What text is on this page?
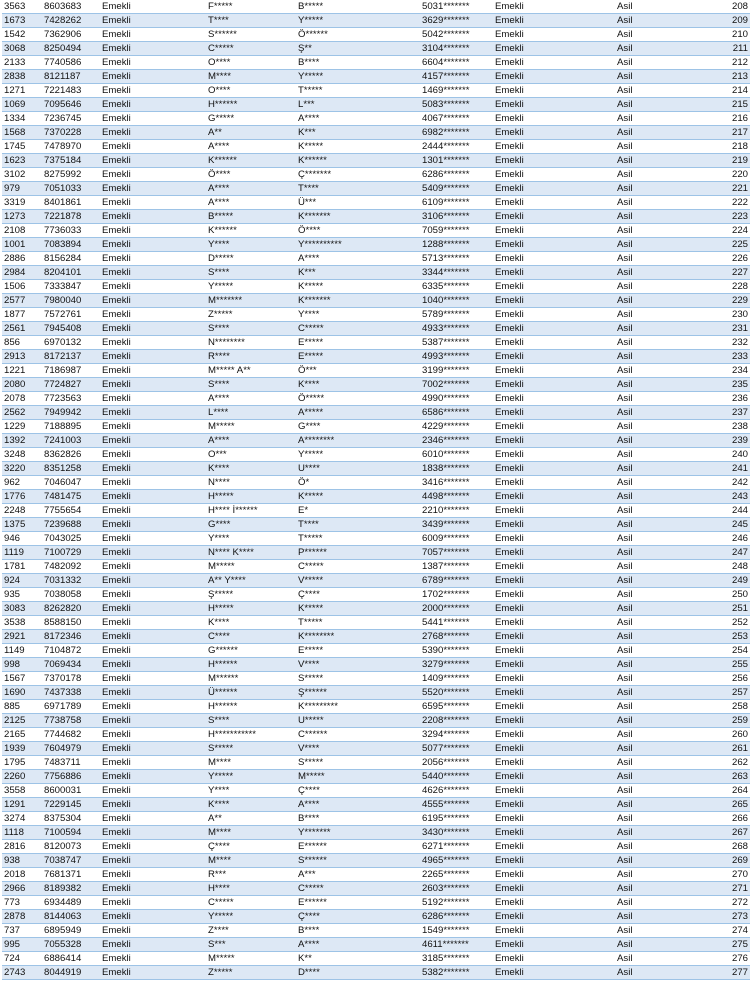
3563	8603683	Emekli	F*****	B*****	5031*******	Emekli	Asil	208
1673	7428262	Emekli	T****	Y*****	3629*******	Emekli	Asil	209
1542	7362906	Emekli	S******	Ö******	5042*******	Emekli	Asil	210
3068	8250494	Emekli	C*****	Ş**	3104*******	Emekli	Asil	211
2133	7740586	Emekli	O****	B****	6604*******	Emekli	Asil	212
2838	8121187	Emekli	M****	Y*****	4157*******	Emekli	Asil	213
1271	7221483	Emekli	O****	T*****	1469*******	Emekli	Asil	214
1069	7095646	Emekli	H******	L***	5083*******	Emekli	Asil	215
1334	7236745	Emekli	G*****	A****	4067*******	Emekli	Asil	216
1568	7370228	Emekli	A**	K***	6982*******	Emekli	Asil	217
1745	7478970	Emekli	A****	K*****	2444*******	Emekli	Asil	218
1623	7375184	Emekli	K******	K******	1301*******	Emekli	Asil	219
3102	8275992	Emekli	Ö****	Ç*******	6286*******	Emekli	Asil	220
979	7051033	Emekli	A****	T****	5409*******	Emekli	Asil	221
3319	8401861	Emekli	A****	Ü***	6109*******	Emekli	Asil	222
1273	7221878	Emekli	B*****	K*******	3106*******	Emekli	Asil	223
2108	7736033	Emekli	K******	Ö****	7059*******	Emekli	Asil	224
1001	7083894	Emekli	Y****	Y**********	1288*******	Emekli	Asil	225
2886	8156284	Emekli	D*****	A****	5713*******	Emekli	Asil	226
2984	8204101	Emekli	S****	K***	3344*******	Emekli	Asil	227
1506	7333847	Emekli	Y*****	K*****	6335*******	Emekli	Asil	228
2577	7980040	Emekli	M*******	K*******	1040*******	Emekli	Asil	229
1877	7572761	Emekli	Z*****	Y****	5789*******	Emekli	Asil	230
2561	7945408	Emekli	S****	C*****	4933*******	Emekli	Asil	231
856	6970132	Emekli	N********	E*****	5387*******	Emekli	Asil	232
2913	8172137	Emekli	R****	E*****	4993*******	Emekli	Asil	233
1221	7186987	Emekli	M***** A**	Ö***	3199*******	Emekli	Asil	234
2080	7724827	Emekli	S****	K****	7002*******	Emekli	Asil	235
2078	7723563	Emekli	A****	Ö*****	4990*******	Emekli	Asil	236
2562	7949942	Emekli	L****	A*****	6586*******	Emekli	Asil	237
1229	7188895	Emekli	M*****	G****	4229*******	Emekli	Asil	238
1392	7241003	Emekli	A****	A********	2346*******	Emekli	Asil	239
3248	8362826	Emekli	O***	Y*****	6010*******	Emekli	Asil	240
3220	8351258	Emekli	K****	U****	1838*******	Emekli	Asil	241
962	7046047	Emekli	N****	Ö*	3416*******	Emekli	Asil	242
1776	7481475	Emekli	H*****	K*****	4498*******	Emekli	Asil	243
2248	7755654	Emekli	H**** İ******	E*	2210*******	Emekli	Asil	244
1375	7239688	Emekli	G****	T****	3439*******	Emekli	Asil	245
946	7043025	Emekli	Y****	T*****	6009*******	Emekli	Asil	246
1119	7100729	Emekli	N**** K****	P******	7057*******	Emekli	Asil	247
1781	7482092	Emekli	M*****	C*****	1387*******	Emekli	Asil	248
924	7031332	Emekli	A** Y****	V*****	6789*******	Emekli	Asil	249
935	7038058	Emekli	Ş*****	Ç****	1702*******	Emekli	Asil	250
3083	8262820	Emekli	H*****	K*****	2000*******	Emekli	Asil	251
3538	8588150	Emekli	K****	T*****	5441*******	Emekli	Asil	252
2921	8172346	Emekli	C****	K********	2768*******	Emekli	Asil	253
1149	7104872	Emekli	G******	E*****	5390*******	Emekli	Asil	254
998	7069434	Emekli	H******	V****	3279*******	Emekli	Asil	255
1567	7370178	Emekli	M******	S*****	1409*******	Emekli	Asil	256
1690	7437338	Emekli	Ü******	Ş******	5520*******	Emekli	Asil	257
885	6971789	Emekli	H******	K*********	6595*******	Emekli	Asil	258
2125	7738758	Emekli	S****	U*****	2208*******	Emekli	Asil	259
2165	7744682	Emekli	H***********	C******	3294*******	Emekli	Asil	260
1939	7604979	Emekli	S*****	V****	5077*******	Emekli	Asil	261
1795	7483711	Emekli	M****	S*****	2056*******	Emekli	Asil	262
2260	7756886	Emekli	Y*****	M*****	5440*******	Emekli	Asil	263
3558	8600031	Emekli	Y****	Ç****	4626*******	Emekli	Asil	264
1291	7229145	Emekli	K****	A****	4555*******	Emekli	Asil	265
3274	8375304	Emekli	A**	B****	6195*******	Emekli	Asil	266
1118	7100594	Emekli	M****	Y*******	3430*******	Emekli	Asil	267
2816	8120073	Emekli	Ç****	E******	6271*******	Emekli	Asil	268
938	7038747	Emekli	M****	S******	4965*******	Emekli	Asil	269
2018	7681371	Emekli	R***	A***	2265*******	Emekli	Asil	270
2966	8189382	Emekli	H****	C*****	2603*******	Emekli	Asil	271
773	6934489	Emekli	C*****	E******	5192*******	Emekli	Asil	272
2878	8144063	Emekli	Y*****	Ç****	6286*******	Emekli	Asil	273
737	6895949	Emekli	Z****	B****	1549*******	Emekli	Asil	274
995	7055328	Emekli	S***	A****	4611*******	Emekli	Asil	275
724	6886414	Emekli	M*****	K**	3185*******	Emekli	Asil	276
2743	8044919	Emekli	Z*****	D****	5382*******	Emekli	Asil	277
